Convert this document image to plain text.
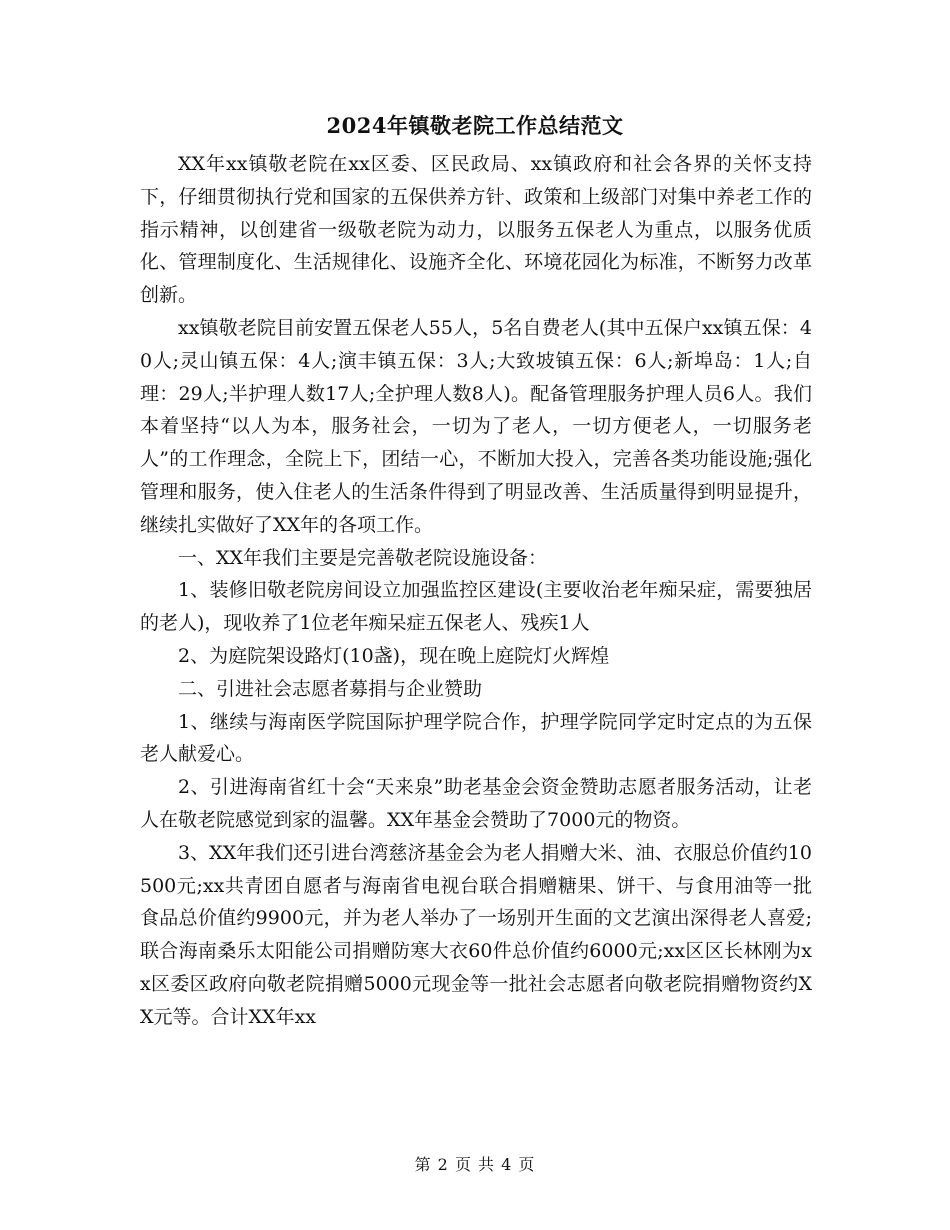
2024年镇敬老院工作总结范文

XX年xx镇敬老院在xx区委、区民政局、xx镇政府和社会各界的关怀支持下，仔细贯彻执行党和国家的五保供养方针、政策和上级部门对集中养老工作的指示精神，以创建省一级敬老院为动力，以服务五保老人为重点，以服务优质化、管理制度化、生活规律化、设施齐全化、环境花园化为标准，不断努力改革创新。

xx镇敬老院目前安置五保老人55人，5名自费老人(其中五保户xx镇五保：40人;灵山镇五保：4人;演丰镇五保：3人;大致坡镇五保：6人;新埠岛：1人;自理：29人;半护理人数17人;全护理人数8人)。配备管理服务护理人员6人。我们本着坚持“以人为本，服务社会，一切为了老人，一切方便老人，一切服务老人”的工作理念，全院上下，团结一心，不断加大投入，完善各类功能设施;强化管理和服务，使入住老人的生活条件得到了明显改善、生活质量得到明显提升，继续扎实做好了XX年的各项工作。

一、XX年我们主要是完善敬老院设施设备：

1、装修旧敬老院房间设立加强监控区建设(主要收治老年痴呆症，需要独居的老人)，现收养了1位老年痴呆症五保老人、残疾1人

2、为庭院架设路灯(10盏)，现在晚上庭院灯火辉煌

二、引进社会志愿者募捐与企业赞助

1、继续与海南医学院国际护理学院合作，护理学院同学定时定点的为五保老人献爱心。

2、引进海南省红十会“天来泉”助老基金会资金赞助志愿者服务活动，让老人在敬老院感觉到家的温馨。XX年基金会赞助了7000元的物资。

3、XX年我们还引进台湾慈济基金会为老人捐赠大米、油、衣服总价值约10500元;xx共青团自愿者与海南省电视台联合捐赠糖果、饼干、与食用油等一批食品总价值约9900元，并为老人举办了一场别开生面的文艺演出深得老人喜爱;联合海南桑乐太阳能公司捐赠防寒大衣60件总价值约6000元;xx区区长林刚为xx区委区政府向敬老院捐赠5000元现金等一批社会志愿者向敬老院捐赠物资约XX元等。合计XX年xx

第 2 页 共 4 页
